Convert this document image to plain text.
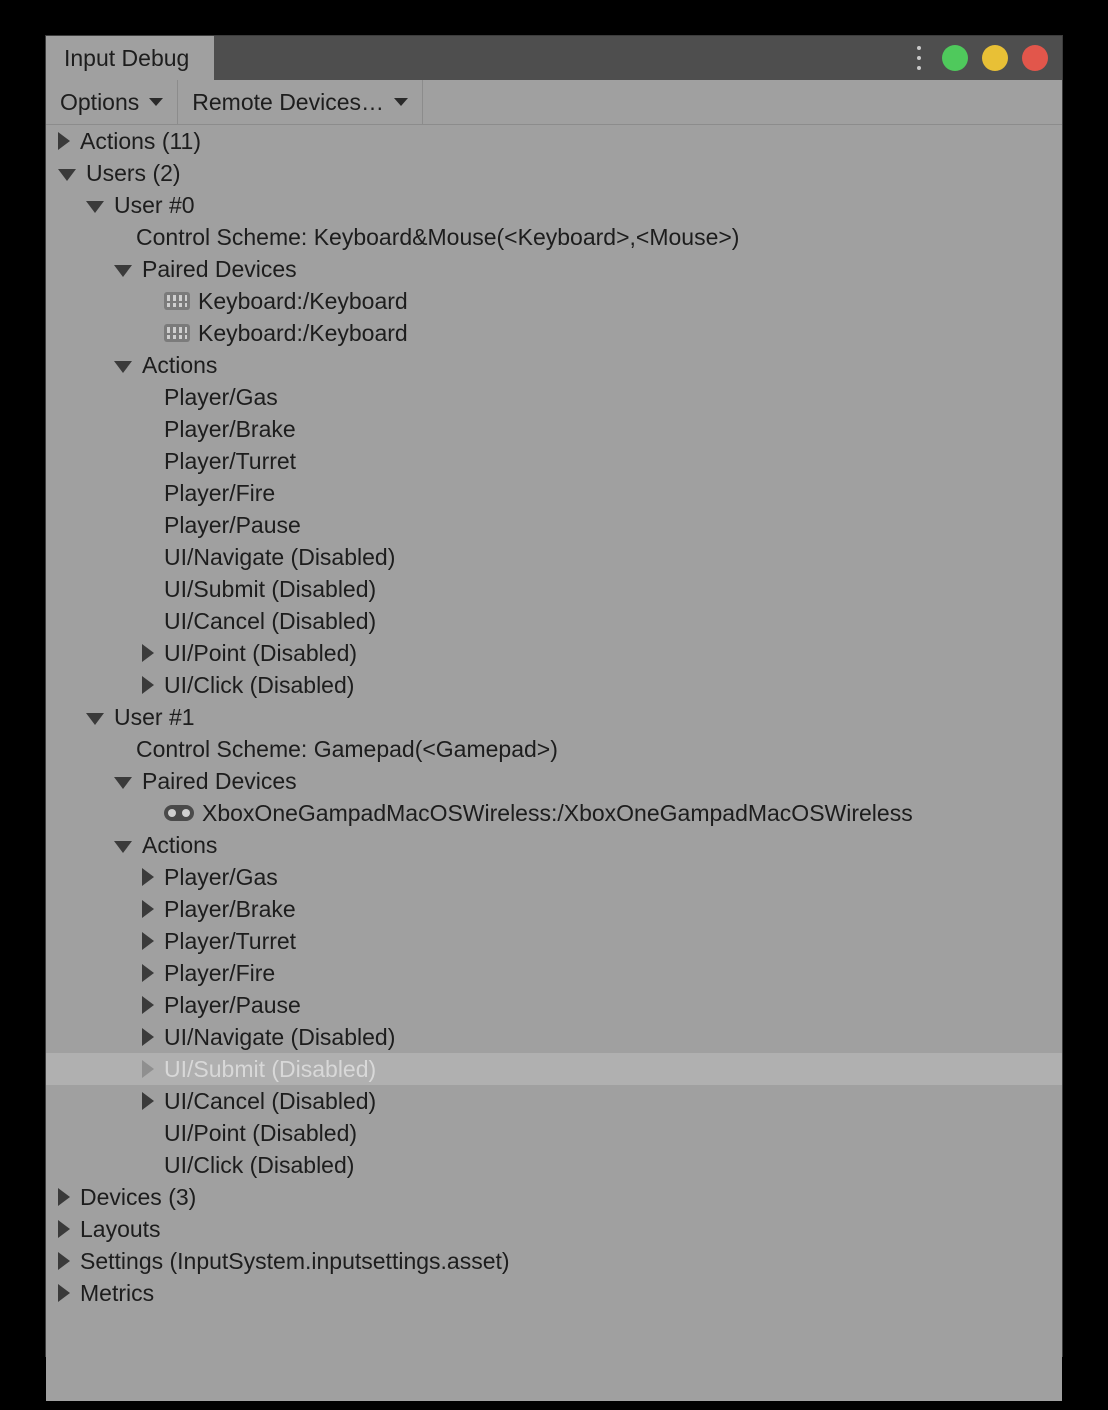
Input Debug
Options Remote Devices…
Actions (11)
Users (2)
User #0
Control Scheme: Keyboard&Mouse(<Keyboard>,<Mouse>)
Paired Devices
Keyboard:/Keyboard
Keyboard:/Keyboard
Actions
Player/Gas
Player/Brake
Player/Turret
Player/Fire
Player/Pause
UI/Navigate (Disabled)
UI/Submit (Disabled)
UI/Cancel (Disabled)
UI/Point (Disabled)
UI/Click (Disabled)
User #1
Control Scheme: Gamepad(<Gamepad>)
Paired Devices
XboxOneGampadMacOSWireless:/XboxOneGampadMacOSWireless
Actions
Player/Gas
Player/Brake
Player/Turret
Player/Fire
Player/Pause
UI/Navigate (Disabled)
UI/Submit (Disabled)
UI/Cancel (Disabled)
UI/Point (Disabled)
UI/Click (Disabled)
Devices (3)
Layouts
Settings (InputSystem.inputsettings.asset)
Metrics
